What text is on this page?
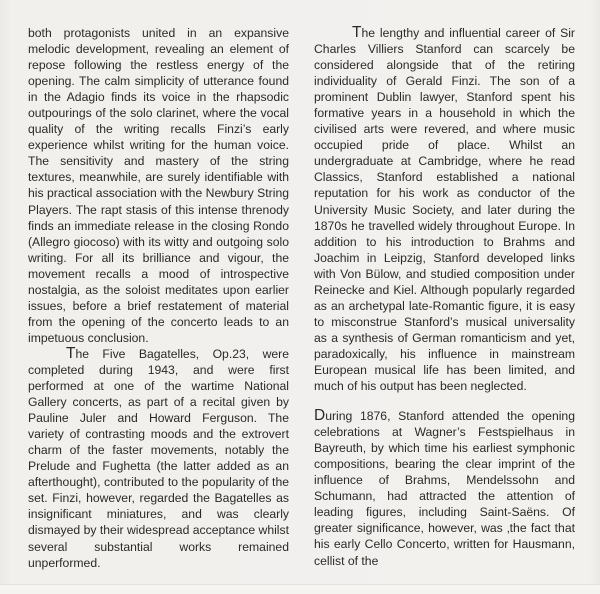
both protagonists united in an expansive melodic development, revealing an element of repose following the restless energy of the opening. The calm simplicity of utterance found in the Adagio finds its voice in the rhapsodic outpourings of the solo clarinet, where the vocal quality of the writing recalls Finzi’s early experience whilst writing for the human voice. The sensitivity and mastery of the string textures, meanwhile, are surely identifiable with his practical association with the Newbury String Players. The rapt stasis of this intense threnody finds an immediate release in the closing Rondo (Allegro giocoso) with its witty and outgoing solo writing. For all its brilliance and vigour, the movement recalls a mood of introspective nostalgia, as the soloist meditates upon earlier issues, before a brief restatement of material from the opening of the concerto leads to an impetuous conclusion.

The Five Bagatelles, Op.23, were completed during 1943, and were first performed at one of the wartime National Gallery concerts, as part of a recital given by Pauline Juler and Howard Ferguson. The variety of contrasting moods and the extrovert charm of the faster movements, notably the Prelude and Fughetta (the latter added as an afterthought), contributed to the popularity of the set. Finzi, however, regarded the Bagatelles as insignificant miniatures, and was clearly dismayed by their widespread acceptance whilst several substantial works remained unperformed.

The lengthy and influential career of Sir Charles Villiers Stanford can scarcely be considered alongside that of the retiring individuality of Gerald Finzi. The son of a prominent Dublin lawyer, Stanford spent his formative years in a household in which the civilised arts were revered, and where music occupied pride of place. Whilst an undergraduate at Cambridge, where he read Classics, Stanford established a national reputation for his work as conductor of the University Music Society, and later during the 1870s he travelled widely throughout Europe. In addition to his introduction to Brahms and Joachim in Leipzig, Stanford developed links with Von Bülow, and studied composition under Reinecke and Kiel. Although popularly regarded as an archetypal late-Romantic figure, it is easy to misconstrue Stanford’s musical universality as a synthesis of German romanticism and yet, paradoxically, his influence in mainstream European musical life has been limited, and much of his output has been neglected.

During 1876, Stanford attended the opening celebrations at Wagner’s Festspielhaus in Bayreuth, by which time his earliest symphonic compositions, bearing the clear imprint of the influence of Brahms, Mendelssohn and Schumann, had attracted the attention of leading figures, including Saint-Saëns. Of greater significance, however, was ‚the fact that his early Cello Concerto, written for Hausmann, cellist of the
